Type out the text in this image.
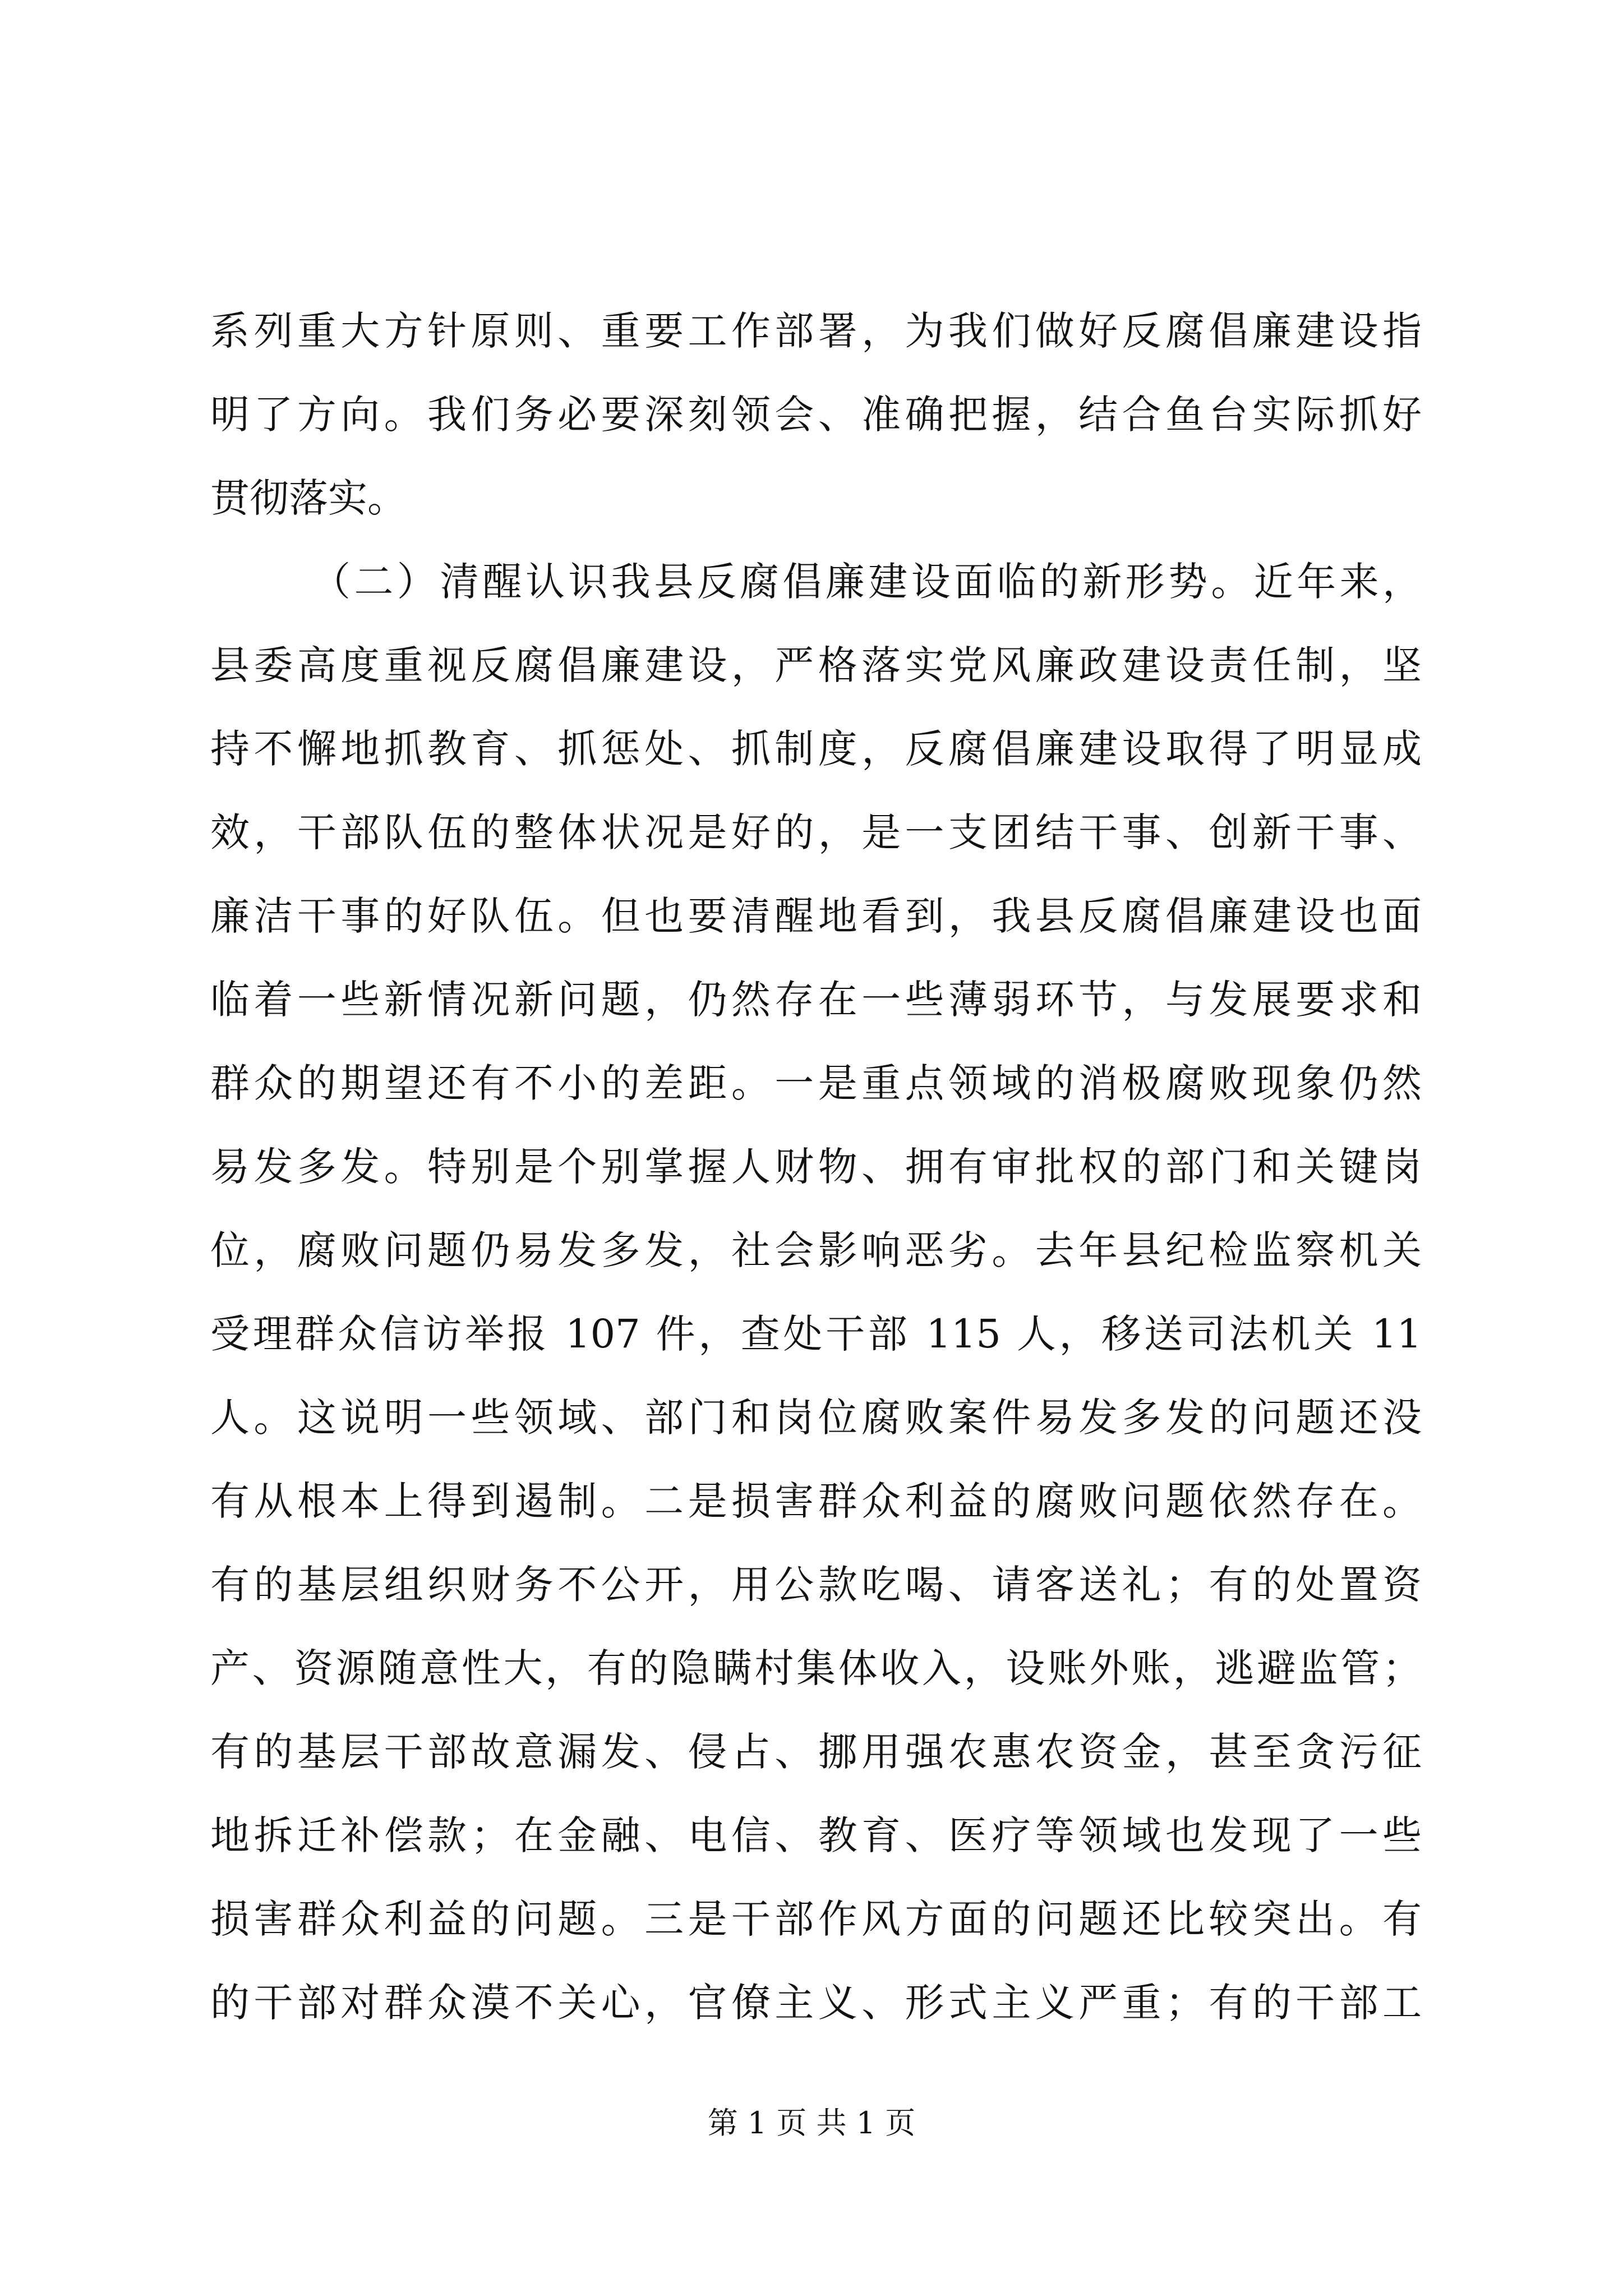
系列重大方针原则、重要工作部署，为我们做好反腐倡廉建设指
明了方向。我们务必要深刻领会、准确把握，结合鱼台实际抓好
贯彻落实。
（二）清醒认识我县反腐倡廉建设面临的新形势。近年来，
县委高度重视反腐倡廉建设，严格落实党风廉政建设责任制，坚
持不懈地抓教育、抓惩处、抓制度，反腐倡廉建设取得了明显成
效，干部队伍的整体状况是好的，是一支团结干事、创新干事、
廉洁干事的好队伍。但也要清醒地看到，我县反腐倡廉建设也面
临着一些新情况新问题，仍然存在一些薄弱环节，与发展要求和
群众的期望还有不小的差距。一是重点领域的消极腐败现象仍然
易发多发。特别是个别掌握人财物、拥有审批权的部门和关键岗
位，腐败问题仍易发多发，社会影响恶劣。去年县纪检监察机关
受理群众信访举报 107 件，查处干部 115 人，移送司法机关 11
人。这说明一些领域、部门和岗位腐败案件易发多发的问题还没
有从根本上得到遏制。二是损害群众利益的腐败问题依然存在。
有的基层组织财务不公开，用公款吃喝、请客送礼；有的处置资
产、资源随意性大，有的隐瞒村集体收入，设账外账，逃避监管；
有的基层干部故意漏发、侵占、挪用强农惠农资金，甚至贪污征
地拆迁补偿款；在金融、电信、教育、医疗等领域也发现了一些
损害群众利益的问题。三是干部作风方面的问题还比较突出。有
的干部对群众漠不关心，官僚主义、形式主义严重；有的干部工
第 1 页 共 1 页
